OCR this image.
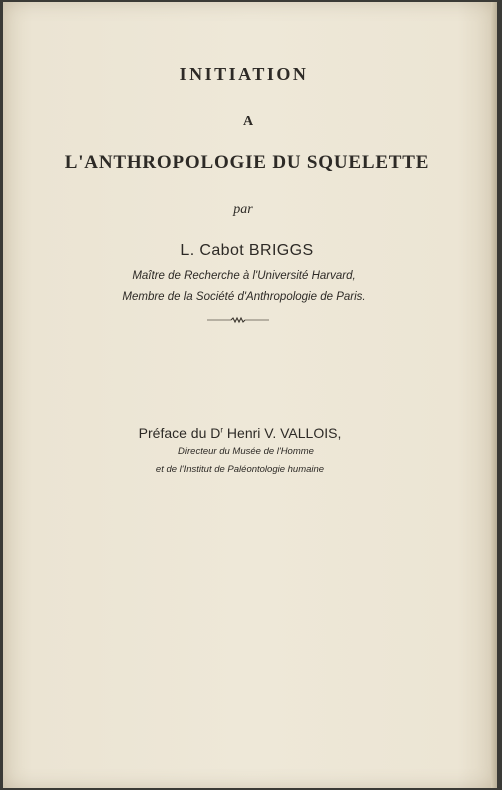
INITIATION
A
L'ANTHROPOLOGIE DU SQUELETTE
par
L. Cabot BRIGGS
Maître de Recherche à l'Université Harvard,
Membre de la Société d'Anthropologie de Paris.
Préface du $D^r$ Henri V. VALLOIS,
Directeur du Musée de l'Homme
et de l'Institut de Paléontologie humaine
